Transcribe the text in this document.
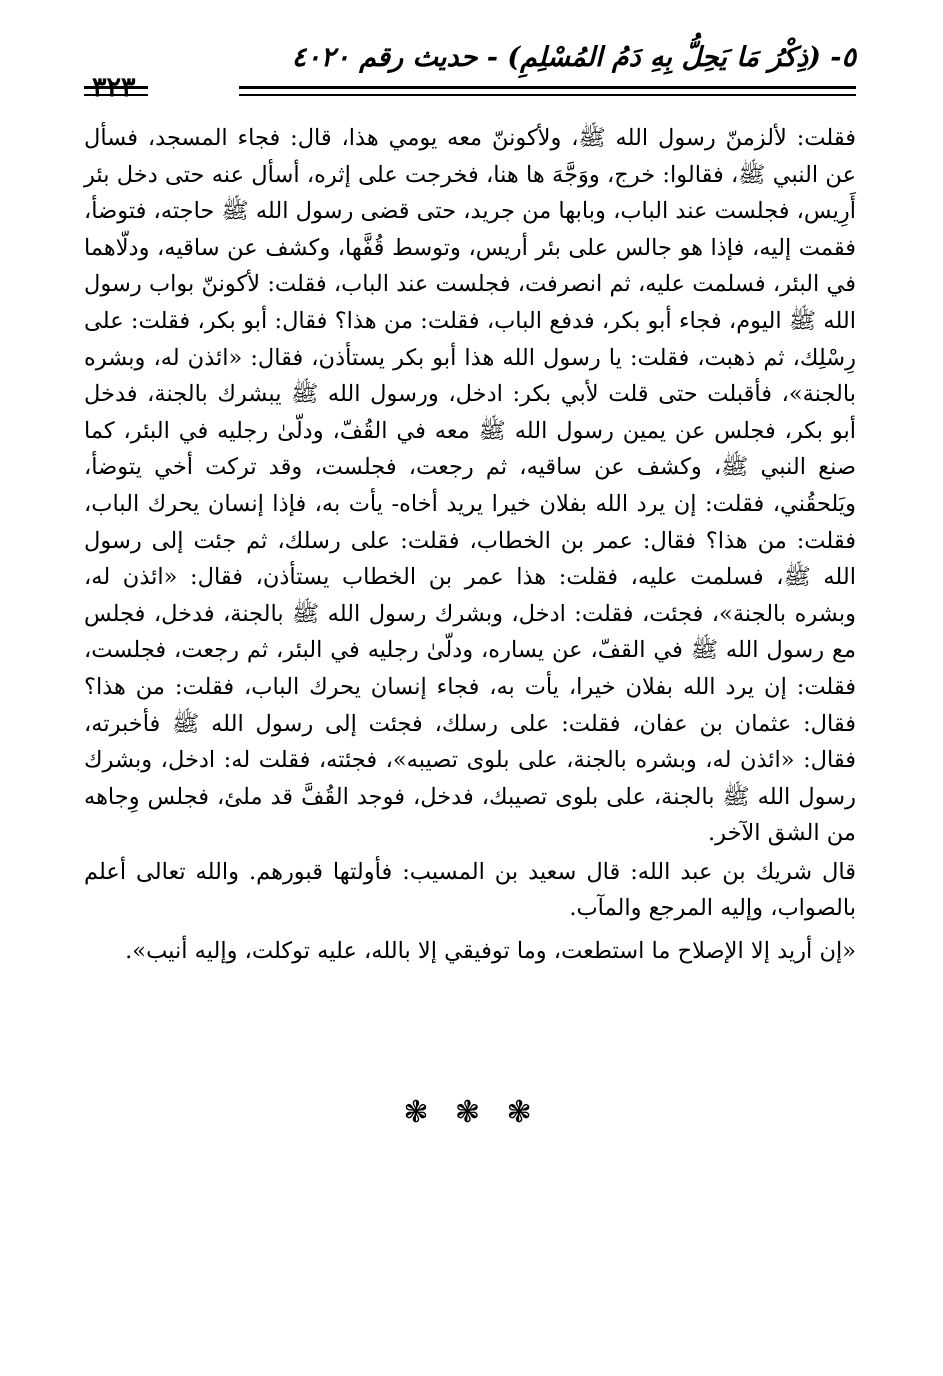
٥- (ذِكْرُ مَا يَحِلُّ بِهِ دَمُ المُسْلِمِ) - حديث رقم ٤٠٢٠
٣٢٣

فقلت: لألزمنّ رسول الله ﷺ، ولأكوننّ معه يومي هذا، قال: فجاء المسجد، فسأل عن النبي ﷺ، فقالوا: خرج، ووَجَّهَ ها هنا، فخرجت على إثره، أسأل عنه حتى دخل بئر أَرِيس، فجلست عند الباب، وبابها من جريد، حتى قضى رسول الله ﷺ حاجته، فتوضأ، فقمت إليه، فإذا هو جالس على بئر أريس، وتوسط قُفَّها، وكشف عن ساقيه، ودلّاهما في البئر، فسلمت عليه، ثم انصرفت، فجلست عند الباب، فقلت: لأكوننّ بواب رسول الله ﷺ اليوم، فجاء أبو بكر، فدفع الباب، فقلت: من هذا؟ فقال: أبو بكر، فقلت: على رِسْلِك، ثم ذهبت، فقلت: يا رسول الله هذا أبو بكر يستأذن، فقال: «ائذن له، وبشره بالجنة»، فأقبلت حتى قلت لأبي بكر: ادخل، ورسول الله ﷺ يبشرك بالجنة، فدخل أبو بكر، فجلس عن يمين رسول الله ﷺ معه في القُفّ، ودلّىٰ رجليه في البئر، كما صنع النبي ﷺ، وكشف عن ساقيه، ثم رجعت، فجلست، وقد تركت أخي يتوضأ، ويَلحقُني، فقلت: إن يرد الله بفلان خيرا يريد أخاه- يأت به، فإذا إنسان يحرك الباب، فقلت: من هذا؟ فقال: عمر بن الخطاب، فقلت: على رسلك، ثم جئت إلى رسول الله ﷺ، فسلمت عليه، فقلت: هذا عمر بن الخطاب يستأذن، فقال: «ائذن له، وبشره بالجنة»، فجئت، فقلت: ادخل، وبشرك رسول الله ﷺ بالجنة، فدخل، فجلس مع رسول الله ﷺ في القفّ، عن يساره، ودلّىٰ رجليه في البئر، ثم رجعت، فجلست، فقلت: إن يرد الله بفلان خيرا، يأت به، فجاء إنسان يحرك الباب، فقلت: من هذا؟ فقال: عثمان بن عفان، فقلت: على رسلك، فجئت إلى رسول الله ﷺ فأخبرته، فقال: «ائذن له، وبشره بالجنة، على بلوى تصيبه»، فجئته، فقلت له: ادخل، وبشرك رسول الله ﷺ بالجنة، على بلوى تصيبك، فدخل، فوجد القُفَّ قد ملئ، فجلس وِجاهه من الشق الآخر.

قال شريك بن عبد الله: قال سعيد بن المسيب: فأولتها قبورهم. والله تعالى أعلم بالصواب، وإليه المرجع والمآب.

«إن أريد إلا الإصلاح ما استطعت، وما توفيقي إلا بالله، عليه توكلت، وإليه أنيب».

❃ ❃ ❃
